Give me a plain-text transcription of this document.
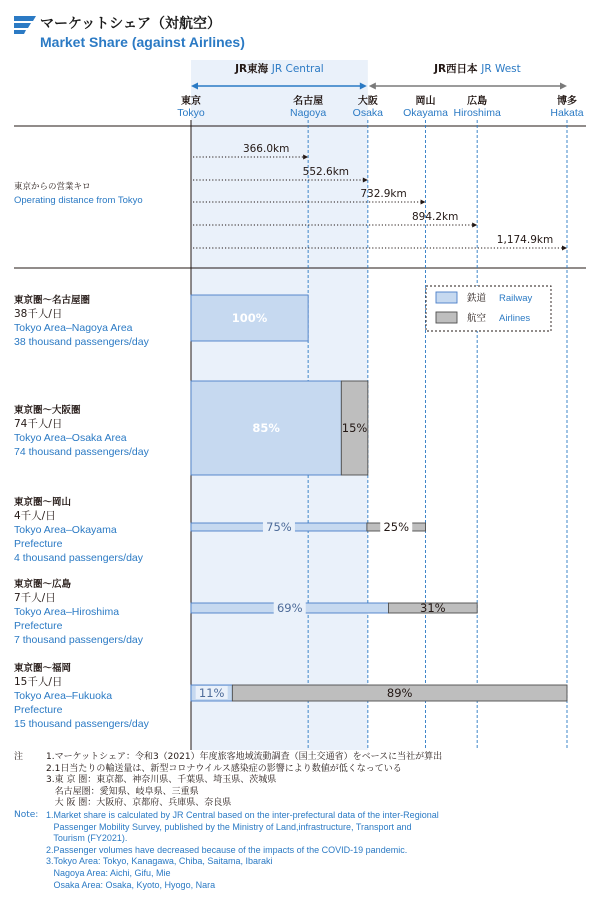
マーケットシェア（対航空）
Market Share (against Airlines)
JR東海 JR Central	JR西日本 JR West
東京
Tokyo
名古屋
Nagoya
大阪
Osaka
岡山
Okayama
広島
Hiroshima
博多
Hakata
東京からの営業キロ
Operating distance from Tokyo
366.0km
552.6km
732.9km
894.2km
1,174.9km
鉄道 Railway
航空 Airlines
東京圏～名古屋圏
38千人/日
Tokyo Area–Nagoya Area
38 thousand passengers/day
100%
東京圏～大阪圏
74千人/日
Tokyo Area–Osaka Area
74 thousand passengers/day
85%	15%
東京圏～岡山
4千人/日
Tokyo Area–Okayama
Prefecture
4 thousand passengers/day
75%	25%
東京圏～広島
7千人/日
Tokyo Area–Hiroshima
Prefecture
7 thousand passengers/day
69%	31%
東京圏～福岡
15千人/日
Tokyo Area–Fukuoka
Prefecture
15 thousand passengers/day
11%	89%
注	1.マーケットシェア：令和3（2021）年度旅客地域流動調査（国土交通省）をベースに当社が算出
2.1日当たりの輸送量は、新型コロナウイルス感染症の影響により数値が低くなっている
3.東 京 圏：東京都、神奈川県、千葉県、埼玉県、茨城県
名古屋圏：愛知県、岐阜県、三重県
大 阪 圏：大阪府、京都府、兵庫県、奈良県
Note: 1.Market share is calculated by JR Central based on the inter-prefectural data of the inter-Regional
Passenger Mobility Survey, published by the Ministry of Land,infrastructure, Transport and
Tourism (FY2021).
2.Passenger volumes have decreased because of the impacts of the COVID-19 pandemic.
3.Tokyo Area: Tokyo, Kanagawa, Chiba, Saitama, Ibaraki
Nagoya Area: Aichi, Gifu, Mie
Osaka Area: Osaka, Kyoto, Hyogo, Nara
